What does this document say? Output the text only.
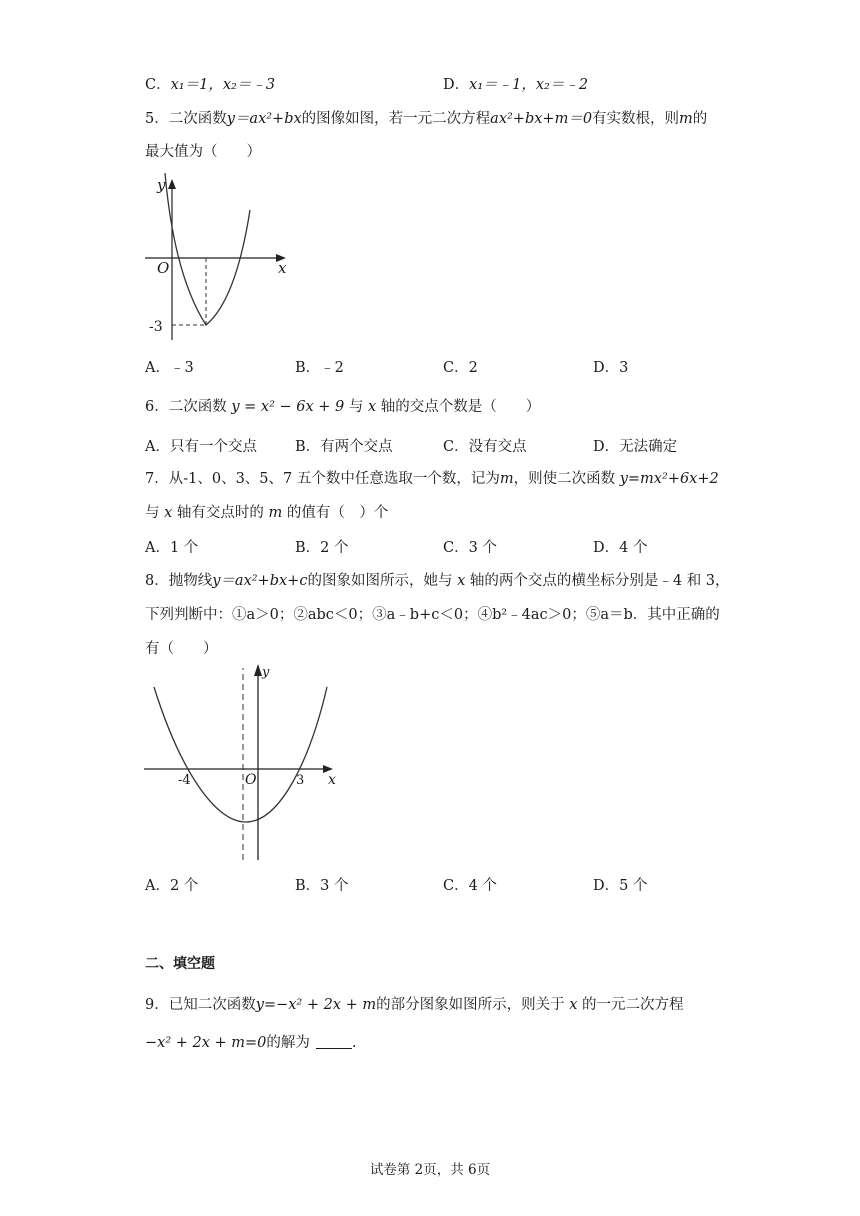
C．x₁＝1，x₂＝﹣3	D．x₁＝﹣1，x₂＝﹣2
5．二次函数y＝ax²+bx的图像如图，若一元二次方程ax²+bx+m＝0有实数根，则m的
最大值为（　　）
y
x
O
-3
A．﹣3	B．﹣2	C．2	D．3
6．二次函数 y = x² − 6x + 9 与 x 轴的交点个数是（　　）
A．只有一个交点	B．有两个交点	C．没有交点	D．无法确定
7．从-1、0、3、5、7 五个数中任意选取一个数，记为m，则使二次函数 y=mx²+6x+2
与 x 轴有交点时的 m 的值有（　）个
A．1 个	B．2 个	C．3 个	D．4 个
8．抛物线y＝ax²+bx+c的图象如图所示，她与 x 轴的两个交点的横坐标分别是﹣4 和 3，
下列判断中：①a＞0；②abc＜0；③a﹣b+c＜0；④b²﹣4ac＞0；⑤a＝b．其中正确的
有（　　）
y
x
O
-4	3
A．2 个	B．3 个	C．4 个	D．5 个
二、填空题
9．已知二次函数y=−x² + 2x + m的部分图象如图所示，则关于 x 的一元二次方程
−x² + 2x + m=0的解为	.
试卷第 2页，共 6页
